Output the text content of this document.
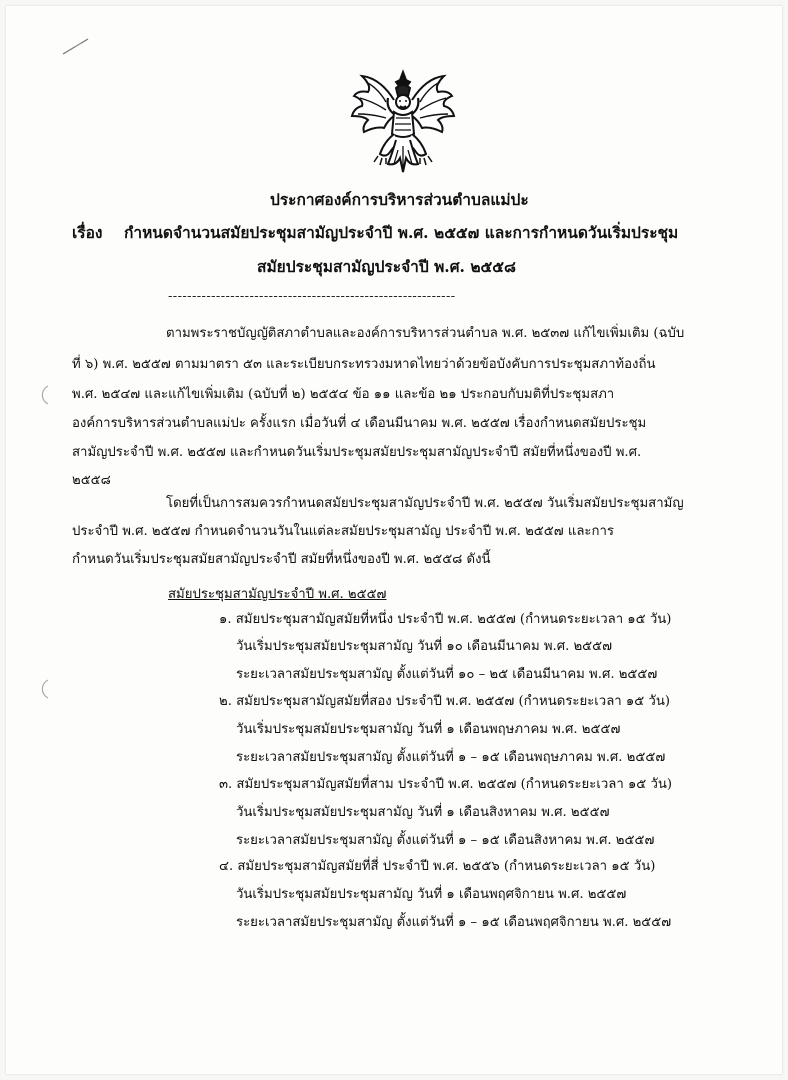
ประกาศองค์การบริหารส่วนตำบลแม่ปะ
เรื่อง กำหนดจำนวนสมัยประชุมสามัญประจำปี พ.ศ. ๒๕๕๗ และการกำหนดวันเริ่มประชุม
สมัยประชุมสามัญประจำปี พ.ศ. ๒๕๕๘
------------------------------------------------------------
ตามพระราชบัญญัติสภาตำบลและองค์การบริหารส่วนตำบล พ.ศ. ๒๕๓๗ แก้ไขเพิ่มเติม (ฉบับ
ที่ ๖) พ.ศ. ๒๕๕๗ ตามมาตรา ๕๓ และระเบียบกระทรวงมหาดไทยว่าด้วยข้อบังคับการประชุมสภาท้องถิ่น
พ.ศ. ๒๕๔๗ และแก้ไขเพิ่มเติม (ฉบับที่ ๒) ๒๕๕๔ ข้อ ๑๑ และข้อ ๒๑ ประกอบกับมติที่ประชุมสภา
องค์การบริหารส่วนตำบลแม่ปะ ครั้งแรก เมื่อวันที่ ๔ เดือนมีนาคม พ.ศ. ๒๕๕๗ เรื่องกำหนดสมัยประชุม
สามัญประจำปี พ.ศ. ๒๕๕๗ และกำหนดวันเริ่มประชุมสมัยประชุมสามัญประจำปี สมัยที่หนึ่งของปี พ.ศ.
๒๕๕๘
โดยที่เป็นการสมควรกำหนดสมัยประชุมสามัญประจำปี พ.ศ. ๒๕๕๗ วันเริ่มสมัยประชุมสามัญ
ประจำปี พ.ศ. ๒๕๕๗ กำหนดจำนวนวันในแต่ละสมัยประชุมสามัญ ประจำปี พ.ศ. ๒๕๕๗ และการ
กำหนดวันเริ่มประชุมสมัยสามัญประจำปี สมัยที่หนึ่งของปี พ.ศ. ๒๕๕๘ ดังนี้
สมัยประชุมสามัญประจำปี พ.ศ. ๒๕๕๗
๑. สมัยประชุมสามัญสมัยที่หนึ่ง ประจำปี พ.ศ. ๒๕๕๗ (กำหนดระยะเวลา ๑๕ วัน)
วันเริ่มประชุมสมัยประชุมสามัญ วันที่ ๑๐ เดือนมีนาคม พ.ศ. ๒๕๕๗
ระยะเวลาสมัยประชุมสามัญ ตั้งแต่วันที่ ๑๐ – ๒๕ เดือนมีนาคม พ.ศ. ๒๕๕๗
๒. สมัยประชุมสามัญสมัยที่สอง ประจำปี พ.ศ. ๒๕๕๗ (กำหนดระยะเวลา ๑๕ วัน)
วันเริ่มประชุมสมัยประชุมสามัญ วันที่ ๑ เดือนพฤษภาคม พ.ศ. ๒๕๕๗
ระยะเวลาสมัยประชุมสามัญ ตั้งแต่วันที่ ๑ – ๑๕ เดือนพฤษภาคม พ.ศ. ๒๕๕๗
๓. สมัยประชุมสามัญสมัยที่สาม ประจำปี พ.ศ. ๒๕๕๗ (กำหนดระยะเวลา ๑๕ วัน)
วันเริ่มประชุมสมัยประชุมสามัญ วันที่ ๑ เดือนสิงหาคม พ.ศ. ๒๕๕๗
ระยะเวลาสมัยประชุมสามัญ ตั้งแต่วันที่ ๑ – ๑๕ เดือนสิงหาคม พ.ศ. ๒๕๕๗
๔. สมัยประชุมสามัญสมัยที่สี่ ประจำปี พ.ศ. ๒๕๕๖ (กำหนดระยะเวลา ๑๕ วัน)
วันเริ่มประชุมสมัยประชุมสามัญ วันที่ ๑ เดือนพฤศจิกายน พ.ศ. ๒๕๕๗
ระยะเวลาสมัยประชุมสามัญ ตั้งแต่วันที่ ๑ – ๑๕ เดือนพฤศจิกายน พ.ศ. ๒๕๕๗
